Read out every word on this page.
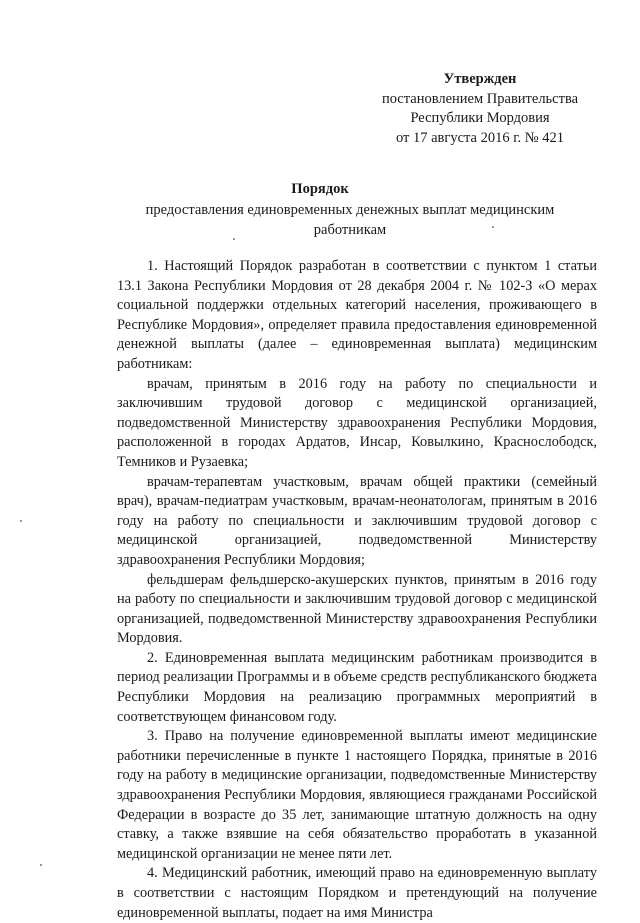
Утвержден
постановлением Правительства
Республики Мордовия
от 17 августа 2016 г. № 421
Порядок
предоставления единовременных денежных выплат медицинским работникам

1. Настоящий Порядок разработан в соответствии с пунктом 1 статьи 13.1 Закона Республики Мордовия от 28 декабря 2004 г. № 102-З «О мерах социальной поддержки отдельных категорий населения, проживающего в Республике Мордовия», определяет правила предоставления единовременной денежной выплаты (далее – единовременная выплата) медицинским работникам:

врачам, принятым в 2016 году на работу по специальности и заключившим трудовой договор с медицинской организацией, подведомственной Министерству здравоохранения Республики Мордовия, расположенной в городах Ардатов, Инсар, Ковылкино, Краснослободск, Темников и Рузаевка;

врачам-терапевтам участковым, врачам общей практики (семейный врач), врачам-педиатрам участковым, врачам-неонатологам, принятым в 2016 году на работу по специальности и заключившим трудовой договор с медицинской организацией, подведомственной Министерству здравоохранения Республики Мордовия;

фельдшерам фельдшерско-акушерских пунктов, принятым в 2016 году на работу по специальности и заключившим трудовой договор с медицинской организацией, подведомственной Министерству здравоохранения Республики Мордовия.

2. Единовременная выплата медицинским работникам производится в период реализации Программы и в объеме средств республиканского бюджета Республики Мордовия на реализацию программных мероприятий в соответствующем финансовом году.

3. Право на получение единовременной выплаты имеют медицинские работники перечисленные в пункте 1 настоящего Порядка, принятые в 2016 году на работу в медицинские организации, подведомственные Министерству здравоохранения Республики Мордовия, являющиеся гражданами Российской Федерации в возрасте до 35 лет, занимающие штатную должность на одну ставку, а также взявшие на себя обязательство проработать в указанной медицинской организации не менее пяти лет.

4. Медицинский работник, имеющий право на единовременную выплату в соответствии с настоящим Порядком и претендующий на получение единовременной выплаты, подает на имя Министра
